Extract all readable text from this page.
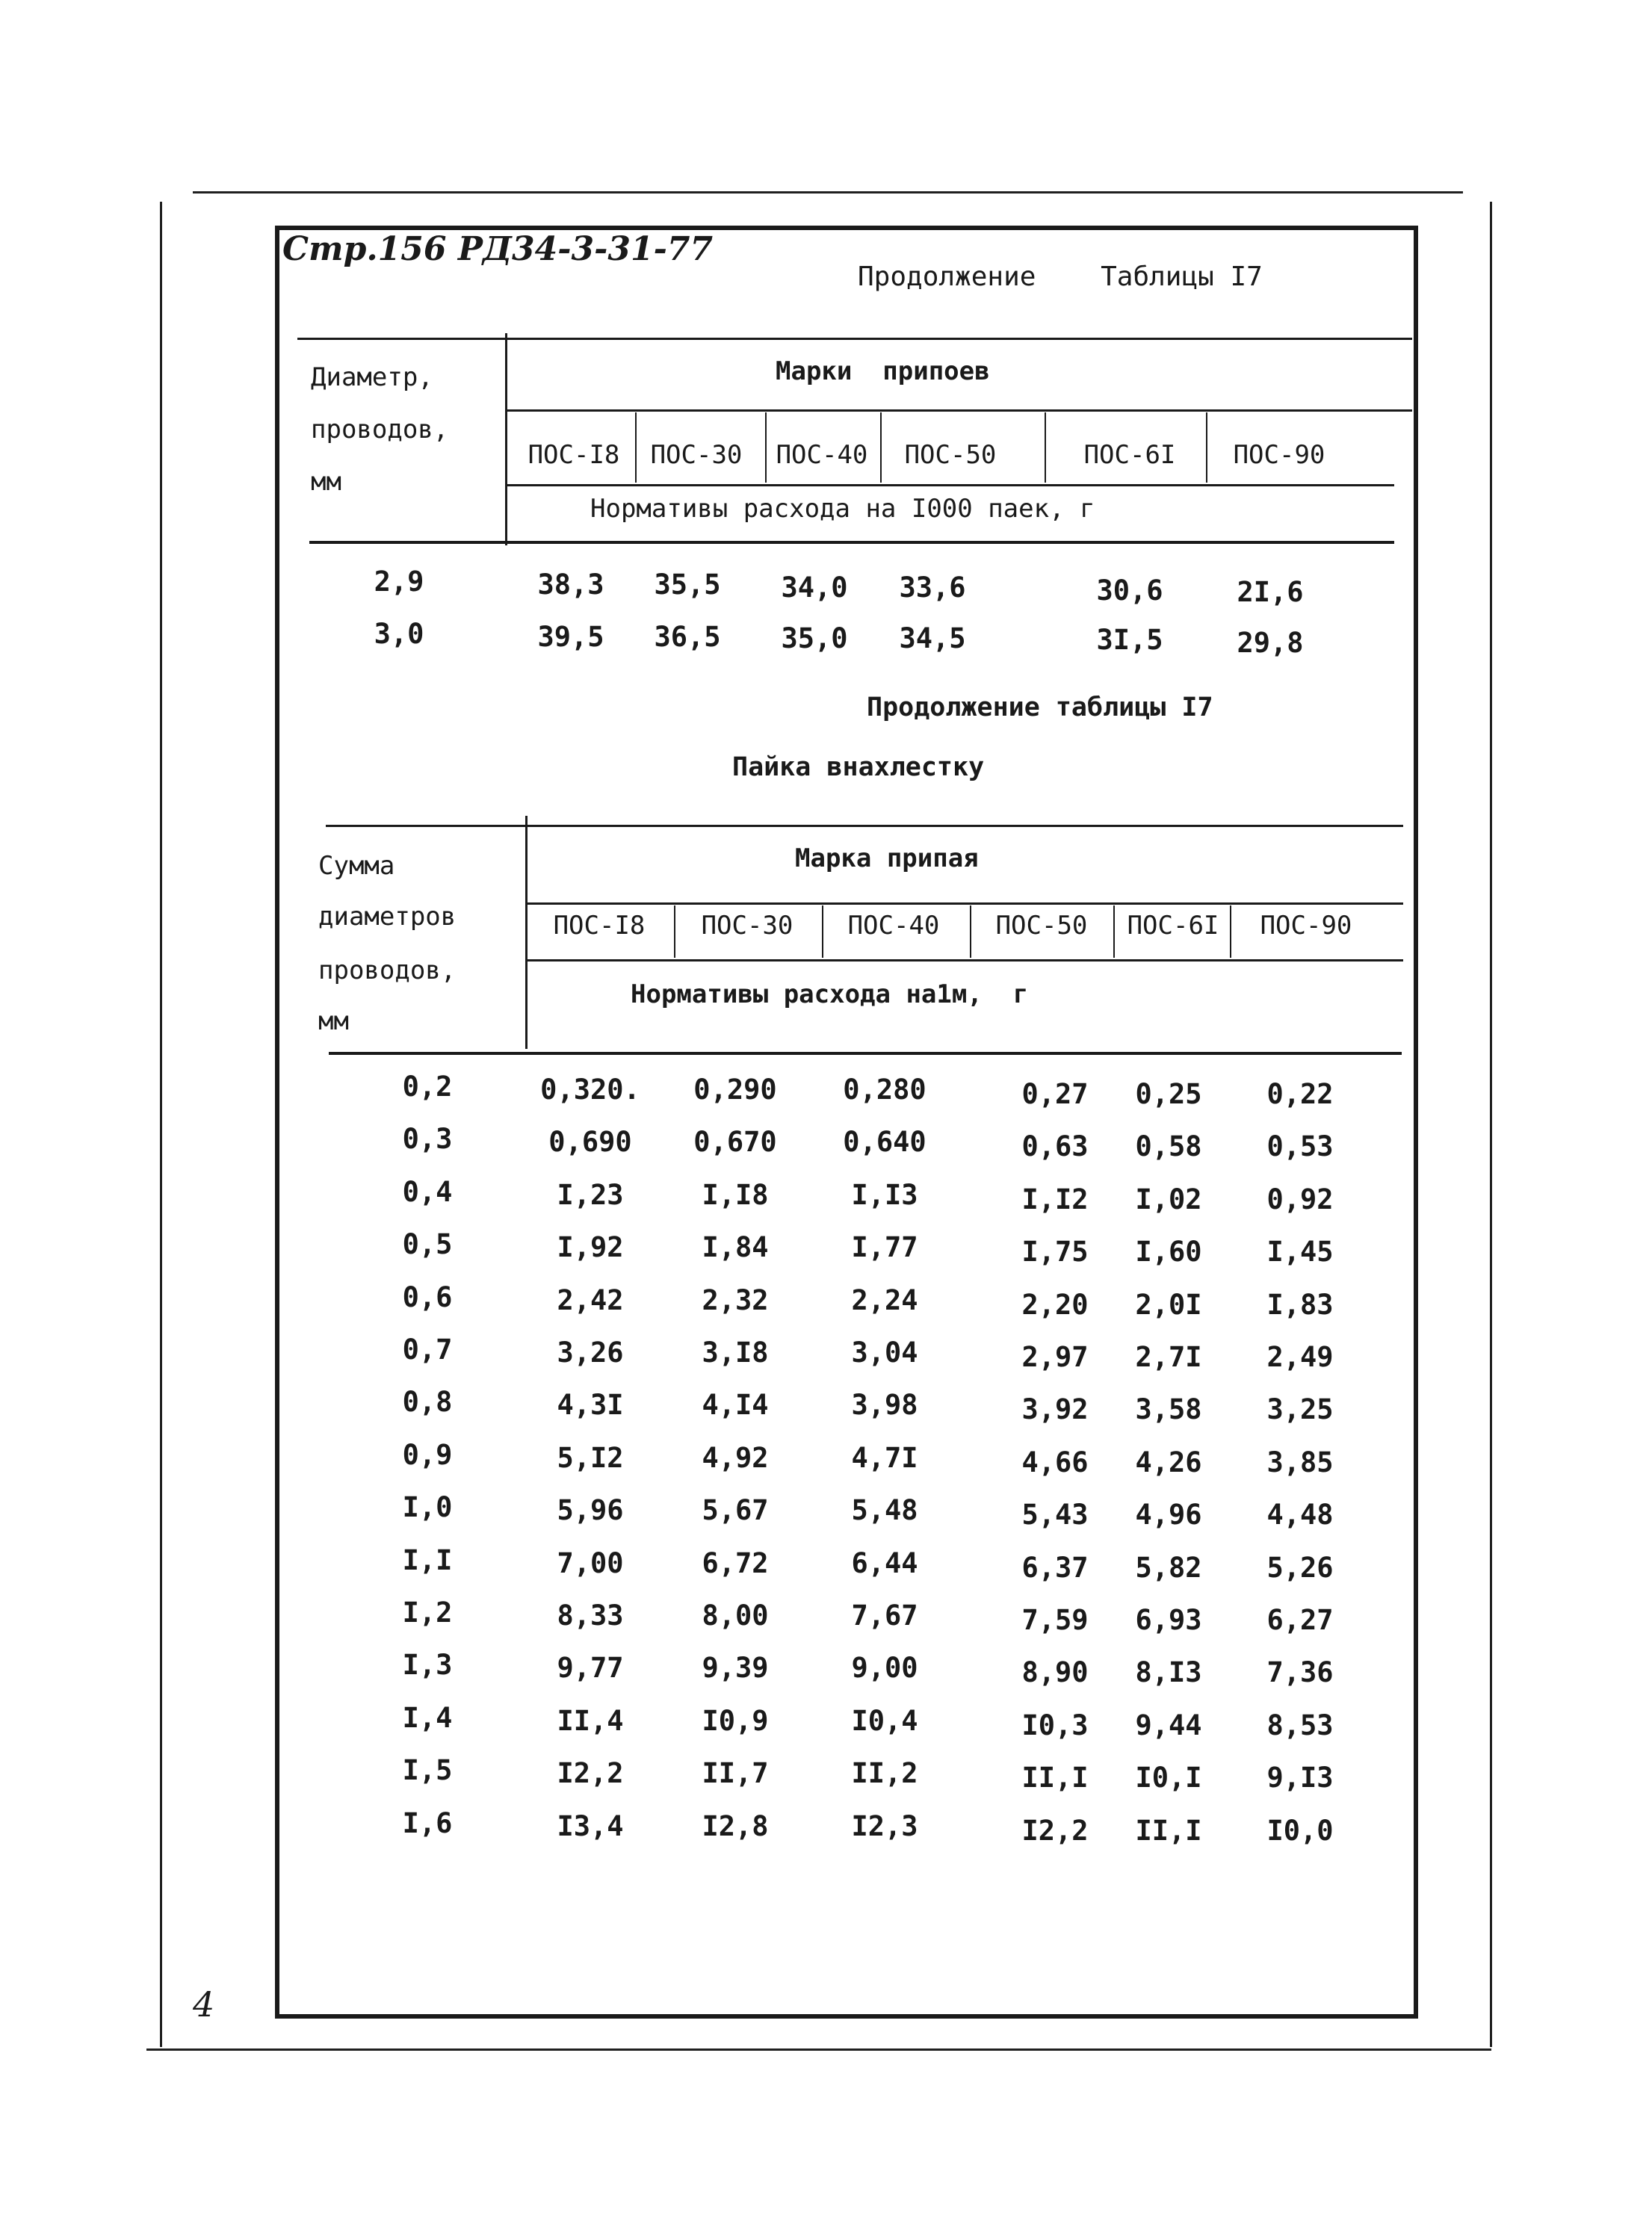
Стр.156 РД34-3-31-77
4
Продолжение    Таблицы I7
Диаметр,
проводов,
мм
Марки  припоев
ПОС-I8 ПОС-30 ПОС-40 ПОС-50	ПОС-6I ПОС-90
Нормативы расхода на I000 паек, г
2,9	38,3 35,5 34,0 33,6	30,6	2I,6
3,0	39,5 36,5 35,0 34,5	3I,5	29,8
Продолжение таблицы I7
Пайка внахлестку
Сумма
диаметров
проводов,
мм
Марка припая
ПОС-I8 ПОС-30 ПОС-40 ПОС-50 ПОС-6I ПОС-90
Нормативы расхода на1м,  г
0,2	0,320. 0,290 0,280	0,27 0,25 0,22
0,3	0,690 0,670 0,640	0,63 0,58 0,53
0,4	I,23	I,I8	I,I3	I,I2 I,02 0,92
0,5	I,92	I,84	I,77	I,75 I,60 I,45
0,6	2,42	2,32	2,24	2,20 2,0I I,83
0,7	3,26	3,I8	3,04	2,97 2,7I 2,49
0,8	4,3I	4,I4	3,98	3,92 3,58 3,25
0,9	5,I2	4,92	4,7I	4,66 4,26 3,85
I,0	5,96	5,67	5,48	5,43 4,96 4,48
I,I	7,00	6,72	6,44	6,37 5,82 5,26
I,2	8,33	8,00	7,67	7,59 6,93 6,27
I,3	9,77	9,39	9,00	8,90 8,I3 7,36
I,4	II,4	I0,9	I0,4	I0,3 9,44 8,53
I,5	I2,2	II,7	II,2	II,I I0,I 9,I3
I,6	I3,4	I2,8	I2,3	I2,2 II,I I0,0
